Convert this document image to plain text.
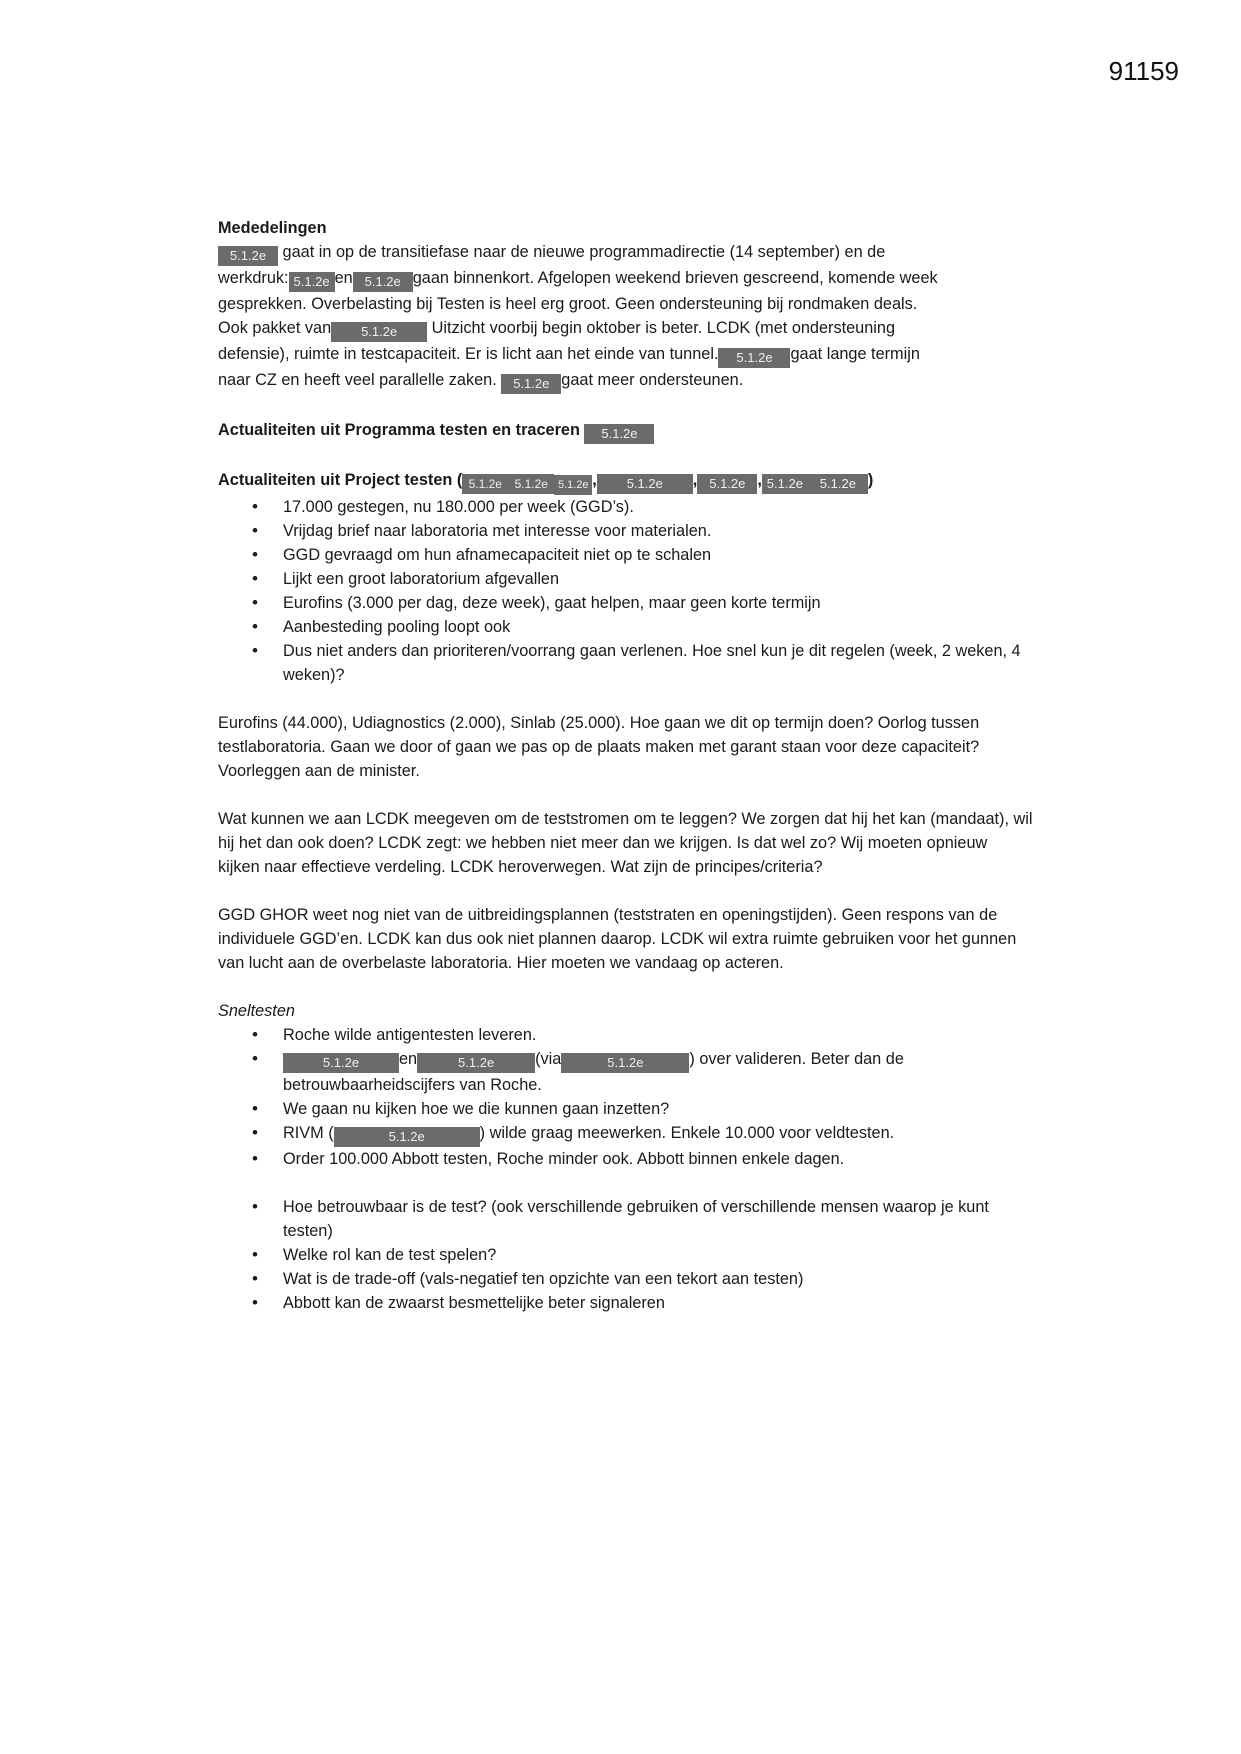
91159
Mededelingen

5.1.2e gaat in op de transitiefase naar de nieuwe programmadirectie (14 september) en de
werkdruk: 5.1.2e en 5.1.2e gaan binnenkort. Afgelopen weekend brieven gescreend, komende week
gesprekken. Overbelasting bij Testen is heel erg groot. Geen ondersteuning bij rondmaken deals.
Ook pakket van 5.1.2e Uitzicht voorbij begin oktober is beter. LCDK (met ondersteuning
defensie), ruimte in testcapaciteit. Er is licht aan het einde van tunnel. 5.1.2e gaat lange termijn
naar CZ en heeft veel parallelle zaken. 5.1.2e gaat meer ondersteunen.

Actualiteiten uit Programma testen en traceren 5.1.2e
Actualiteiten uit Project testen ( 5.1.2e 5.1.2e 5.1.2e , 5.1.2e , 5.1.2e , 5.1.2e 5.1.2e )
• 17.000 gestegen, nu 180.000 per week (GGD’s).
• Vrijdag brief naar laboratoria met interesse voor materialen.
• GGD gevraagd om hun afnamecapaciteit niet op te schalen
• Lijkt een groot laboratorium afgevallen
• Eurofins (3.000 per dag, deze week), gaat helpen, maar geen korte termijn
• Aanbesteding pooling loopt ook
• Dus niet anders dan prioriteren/voorrang gaan verlenen. Hoe snel kun je dit regelen (week, 2 weken, 4 weken)?

Eurofins (44.000), Udiagnostics (2.000), Sinlab (25.000). Hoe gaan we dit op termijn doen? Oorlog tussen testlaboratoria. Gaan we door of gaan we pas op de plaats maken met garant staan voor deze capaciteit? Voorleggen aan de minister.

Wat kunnen we aan LCDK meegeven om de teststromen om te leggen? We zorgen dat hij het kan (mandaat), wil hij het dan ook doen? LCDK zegt: we hebben niet meer dan we krijgen. Is dat wel zo? Wij moeten opnieuw kijken naar effectieve verdeling. LCDK heroverwegen. Wat zijn de principes/criteria?

GGD GHOR weet nog niet van de uitbreidingsplannen (teststraten en openingstijden). Geen respons van de individuele GGD’en. LCDK kan dus ook niet plannen daarop. LCDK wil extra ruimte gebruiken voor het gunnen van lucht aan de overbelaste laboratoria. Hier moeten we vandaag op acteren.

Sneltesten
• Roche wilde antigentesten leveren.
• 5.1.2e en	5.1.2e	(via	5.1.2e	) over valideren. Beter dan de betrouwbaarheidscijfers van Roche.
• We gaan nu kijken hoe we die kunnen gaan inzetten?
• RIVM (	5.1.2e	) wilde graag meewerken. Enkele 10.000 voor veldtesten.
• Order 100.000 Abbott testen, Roche minder ook. Abbott binnen enkele dagen.
• Hoe betrouwbaar is de test? (ook verschillende gebruiken of verschillende mensen waarop je kunt testen)
• Welke rol kan de test spelen?
• Wat is de trade-off (vals-negatief ten opzichte van een tekort aan testen)
• Abbott kan de zwaarst besmettelijke beter signaleren
